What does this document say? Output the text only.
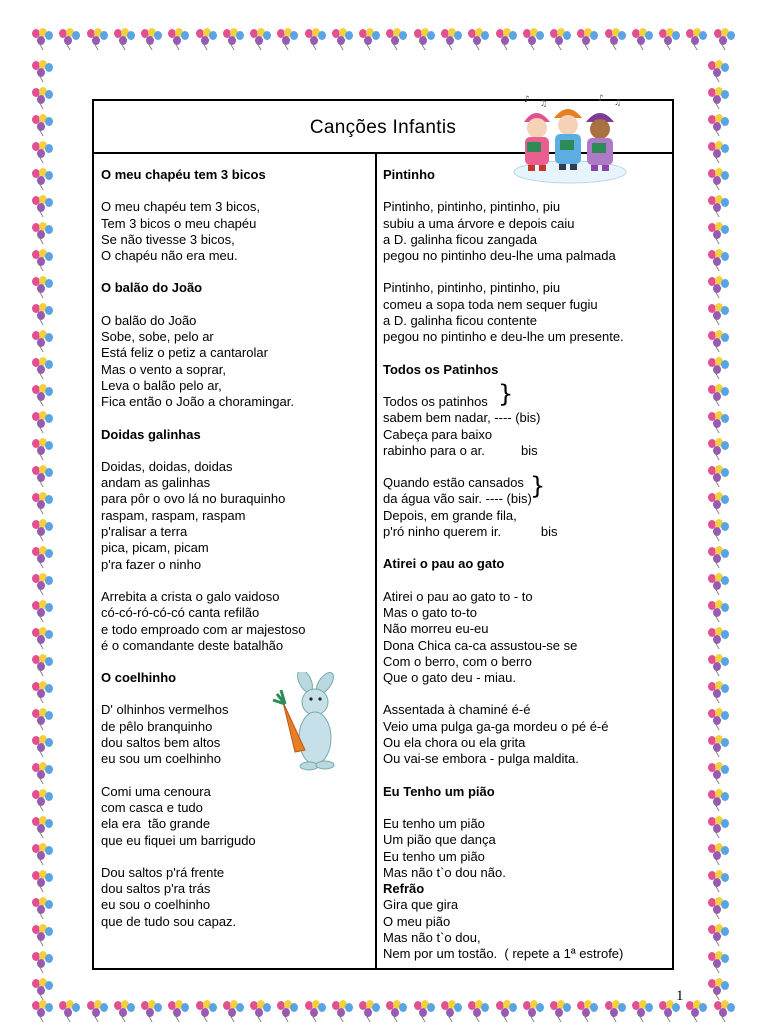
Canções Infantis
O meu chapéu tem 3 bicos
O meu chapéu tem 3 bicos,
Tem 3 bicos o meu chapéu
Se não tivesse 3 bicos,
O chapéu não era meu.
O balão do João
O balão do João
Sobe, sobe, pelo ar
Está feliz o petiz a cantarolar
Mas o vento a soprar,
Leva o balão pelo ar,
Fica então o João a choramingar.
Doidas galinhas
Doidas, doidas, doidas
andam as galinhas
para pôr o ovo lá no buraquinho
raspam, raspam, raspam
p'ralisar a terra
pica, picam, picam
p'ra fazer o ninho
Arrebita a crista o galo vaidoso
có-có-ró-có-có canta refilão
e todo emproado com ar majestoso
é o comandante deste batalhão
O coelhinho
D' olhinhos vermelhos
de pêlo branquinho
dou saltos bem altos
eu sou um coelhinho
Comi uma cenoura
com casca e tudo
ela era  tão grande
que eu fiquei um barrigudo
Dou saltos p'rá frente
dou saltos p'ra trás
eu sou o coelhinho
que de tudo sou capaz.
Pintinho
Pintinho, pintinho, pintinho, piu
subiu a uma árvore e depois caiu
a D. galinha ficou zangada
pegou no pintinho deu-lhe uma palmada
Pintinho, pintinho, pintinho, piu
comeu a sopa toda nem sequer fugiu
a D. galinha ficou contente
pegou no pintinho e deu-lhe um presente.
Todos os Patinhos
Todos os patinhos
sabem bem nadar, ---- (bis)
Cabeça para baixo
rabinho para o ar.          bis
Quando estão cansados
da água vão sair. ---- (bis)
Depois, em grande fila,
p'ró ninho querem ir.           bis
Atirei o pau ao gato
Atirei o pau ao gato to - to
Mas o gato to-to
Não morreu eu-eu
Dona Chica ca-ca assustou-se se
Com o berro, com o berro
Que o gato deu - miau.
Assentada à chaminé é-é
Veio uma pulga ga-ga mordeu o pé é-é
Ou ela chora ou ela grita
Ou vai-se embora - pulga maldita.
Eu Tenho um pião
Eu tenho um pião
Um pião que dança
Eu tenho um pião
Mas não t`o dou não.
Refrão
Gira que gira
O meu pião
Mas não t`o dou,
Nem por um tostão.  ( repete a 1ª estrofe)
}
}
♪ ♫	♪ ♫
1
